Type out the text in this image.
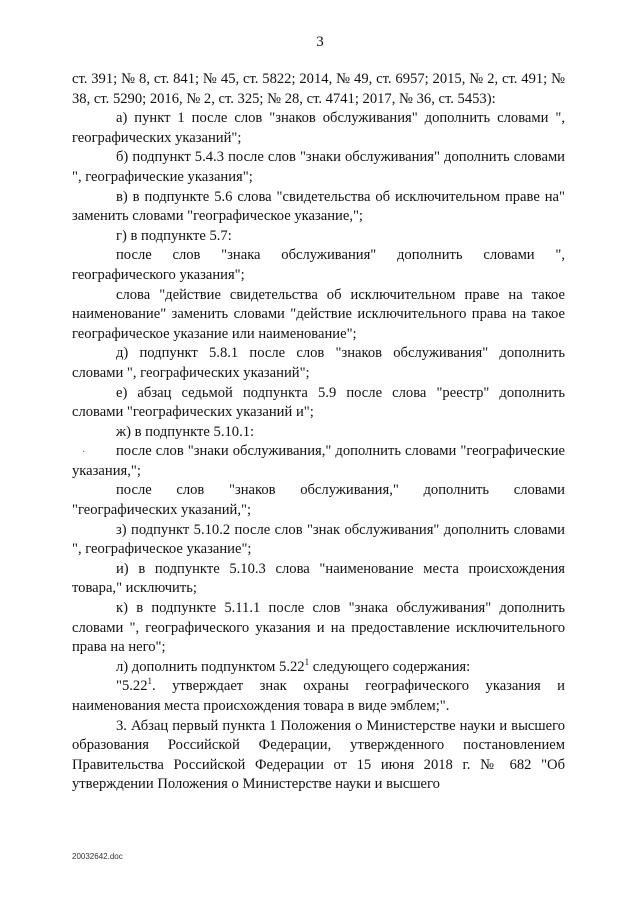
3

ст. 391; № 8, ст. 841; № 45, ст. 5822; 2014, № 49, ст. 6957; 2015, № 2, ст. 491; № 38, ст. 5290; 2016, № 2, ст. 325; № 28, ст. 4741; 2017, № 36, ст. 5453):

а) пункт 1 после слов "знаков обслуживания" дополнить словами ", географических указаний";

б) подпункт 5.4.3 после слов "знаки обслуживания" дополнить словами ", географические указания";

в) в подпункте 5.6 слова "свидетельства об исключительном праве на" заменить словами "географическое указание,";

г) в подпункте 5.7:

после слов "знака обслуживания" дополнить словами ", географического указания";

слова "действие свидетельства об исключительном праве на такое наименование" заменить словами "действие исключительного права на такое географическое указание или наименование";

д) подпункт 5.8.1 после слов "знаков обслуживания" дополнить словами ", географических указаний";

е) абзац седьмой подпункта 5.9 после слова "реестр" дополнить словами "географических указаний и";

ж) в подпункте 5.10.1:

после слов "знаки обслуживания," дополнить словами "географические указания,";

после слов "знаков обслуживания," дополнить словами "географических указаний,";

з) подпункт 5.10.2 после слов "знак обслуживания" дополнить словами ", географическое указание";

и) в подпункте 5.10.3 слова "наименование места происхождения товара," исключить;

к) в подпункте 5.11.1 после слов "знака обслуживания" дополнить словами ", географического указания и на предоставление исключительного права на него";

л) дополнить подпунктом 5.22$^1$ следующего содержания:

"5.22$^1$. утверждает знак охраны географического указания и наименования места происхождения товара в виде эмблем;".

3. Абзац первый пункта 1 Положения о Министерстве науки и высшего образования Российской Федерации, утвержденного постановлением Правительства Российской Федерации от 15 июня 2018 г. № 682 "Об утверждении Положения о Министерстве науки и высшего

·
20032642.doc
